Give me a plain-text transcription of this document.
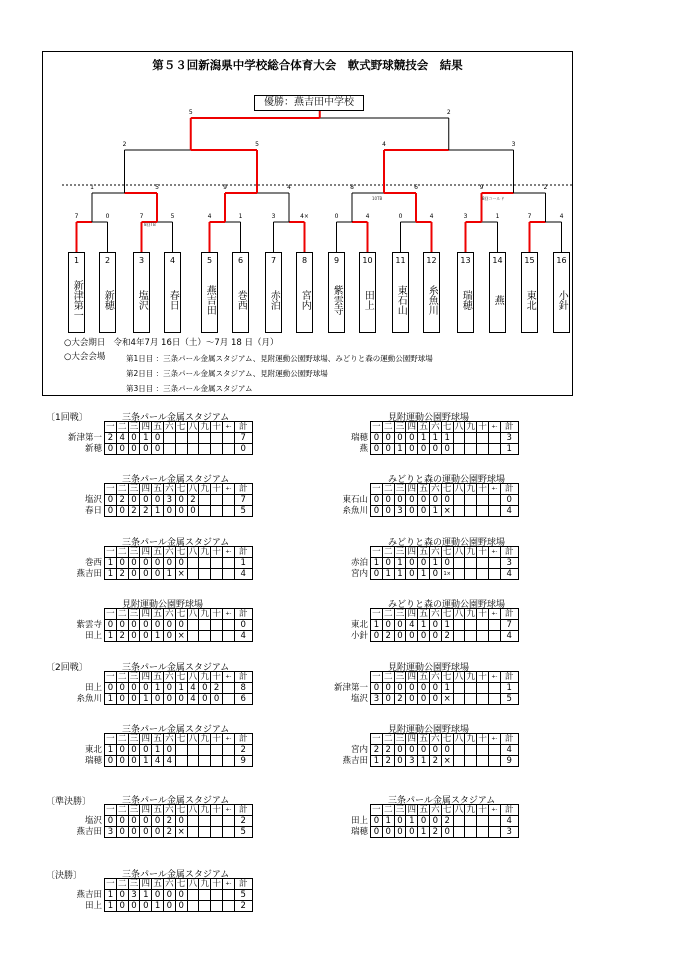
第５３回新潟県中学校総合体育大会　軟式野球競技会　結果
優勝：燕吉田中学校
1
新津第一
2
新穂
3
塩沢
4
春日
5
燕吉田
6
巻西
7
赤泊
8
宮内
9
紫雲寺
10
田上
11
東石山
12
糸魚川
13
瑞穂
14
燕
15
東北
16
小針
7	0	7	5	4	1	3	4×	0	4	0	4	3	1	7	4
1	5	9	4	8	6	9	2
2	5	4	3
5	2
8回TB
10TB	8回コールド
○大会期日 令和4年7月 16日（土）～7月 18 日（月）
○大会会場	第1日目 ：三条パール金属スタジアム、見附運動公園野球場、みどりと森の運動公園野球場
第2日目 ：三条パール金属スタジアム、見附運動公園野球場
第3日目 ：三条パール金属スタジアム
〔1回戦〕
〔2回戦〕
〔準決勝〕
〔決勝〕
三条パール金属スタジアム
	一	二	三	四	五	六	七	八	九	十	+-	計
新津第一	2	4	0	1	0							7
新穂	0	0	0	0	0							0
見附運動公園野球場
	一	二	三	四	五	六	七	八	九	十	+-	計
瑞穂	0	0	0	0	1	1	1					3
燕	0	0	1	0	0	0	0					1
三条パール金属スタジアム
	一	二	三	四	五	六	七	八	九	十	+-	計
塩沢	0	2	0	0	0	3	0	2				7
春日	0	0	2	2	1	0	0	0				5
みどりと森の運動公園野球場
	一	二	三	四	五	六	七	八	九	十	+-	計
東石山	0	0	0	0	0	0	0					0
糸魚川	0	0	3	0	0	1	×					4
三条パール金属スタジアム
	一	二	三	四	五	六	七	八	九	十	+-	計
巻西	1	0	0	0	0	0	0					1
燕吉田	1	2	0	0	0	1	×					4
みどりと森の運動公園野球場
	一	二	三	四	五	六	七	八	九	十	+-	計
赤泊	1	0	1	0	0	1	0					3
宮内	0	1	1	0	1	0	1×					4
見附運動公園野球場
	一	二	三	四	五	六	七	八	九	十	+-	計
紫雲寺	0	0	0	0	0	0	0					0
田上	1	2	0	0	1	0	×					4
みどりと森の運動公園野球場
	一	二	三	四	五	六	七	八	九	十	+-	計
東北	1	0	0	4	1	0	1					7
小針	0	2	0	0	0	0	2					4
三条パール金属スタジアム
	一	二	三	四	五	六	七	八	九	十	+-	計
田上	0	0	0	0	1	0	1	4	0	2		8
糸魚川	1	0	0	1	0	0	0	4	0	0		6
見附運動公園野球場
	一	二	三	四	五	六	七	八	九	十	+-	計
新津第一	0	0	0	0	0	0	1					1
塩沢	3	0	2	0	0	0	×					5
三条パール金属スタジアム
	一	二	三	四	五	六	七	八	九	十	+-	計
東北	1	0	0	0	1	0						2
瑞穂	0	0	0	1	4	4						9
見附運動公園野球場
	一	二	三	四	五	六	七	八	九	十	+-	計
宮内	2	2	0	0	0	0	0					4
燕吉田	1	2	0	3	1	2	×					9
三条パール金属スタジアム
	一	二	三	四	五	六	七	八	九	十	+-	計
塩沢	0	0	0	0	0	2	0					2
燕吉田	3	0	0	0	0	2	×					5
三条パール金属スタジアム
	一	二	三	四	五	六	七	八	九	十	+-	計
田上	0	1	0	1	0	0	2					4
瑞穂	0	0	0	0	1	2	0					3
三条パール金属スタジアム
	一	二	三	四	五	六	七	八	九	十	+-	計
燕吉田	1	0	3	1	0	0	0					5
田上	1	0	0	0	1	0	0					2
